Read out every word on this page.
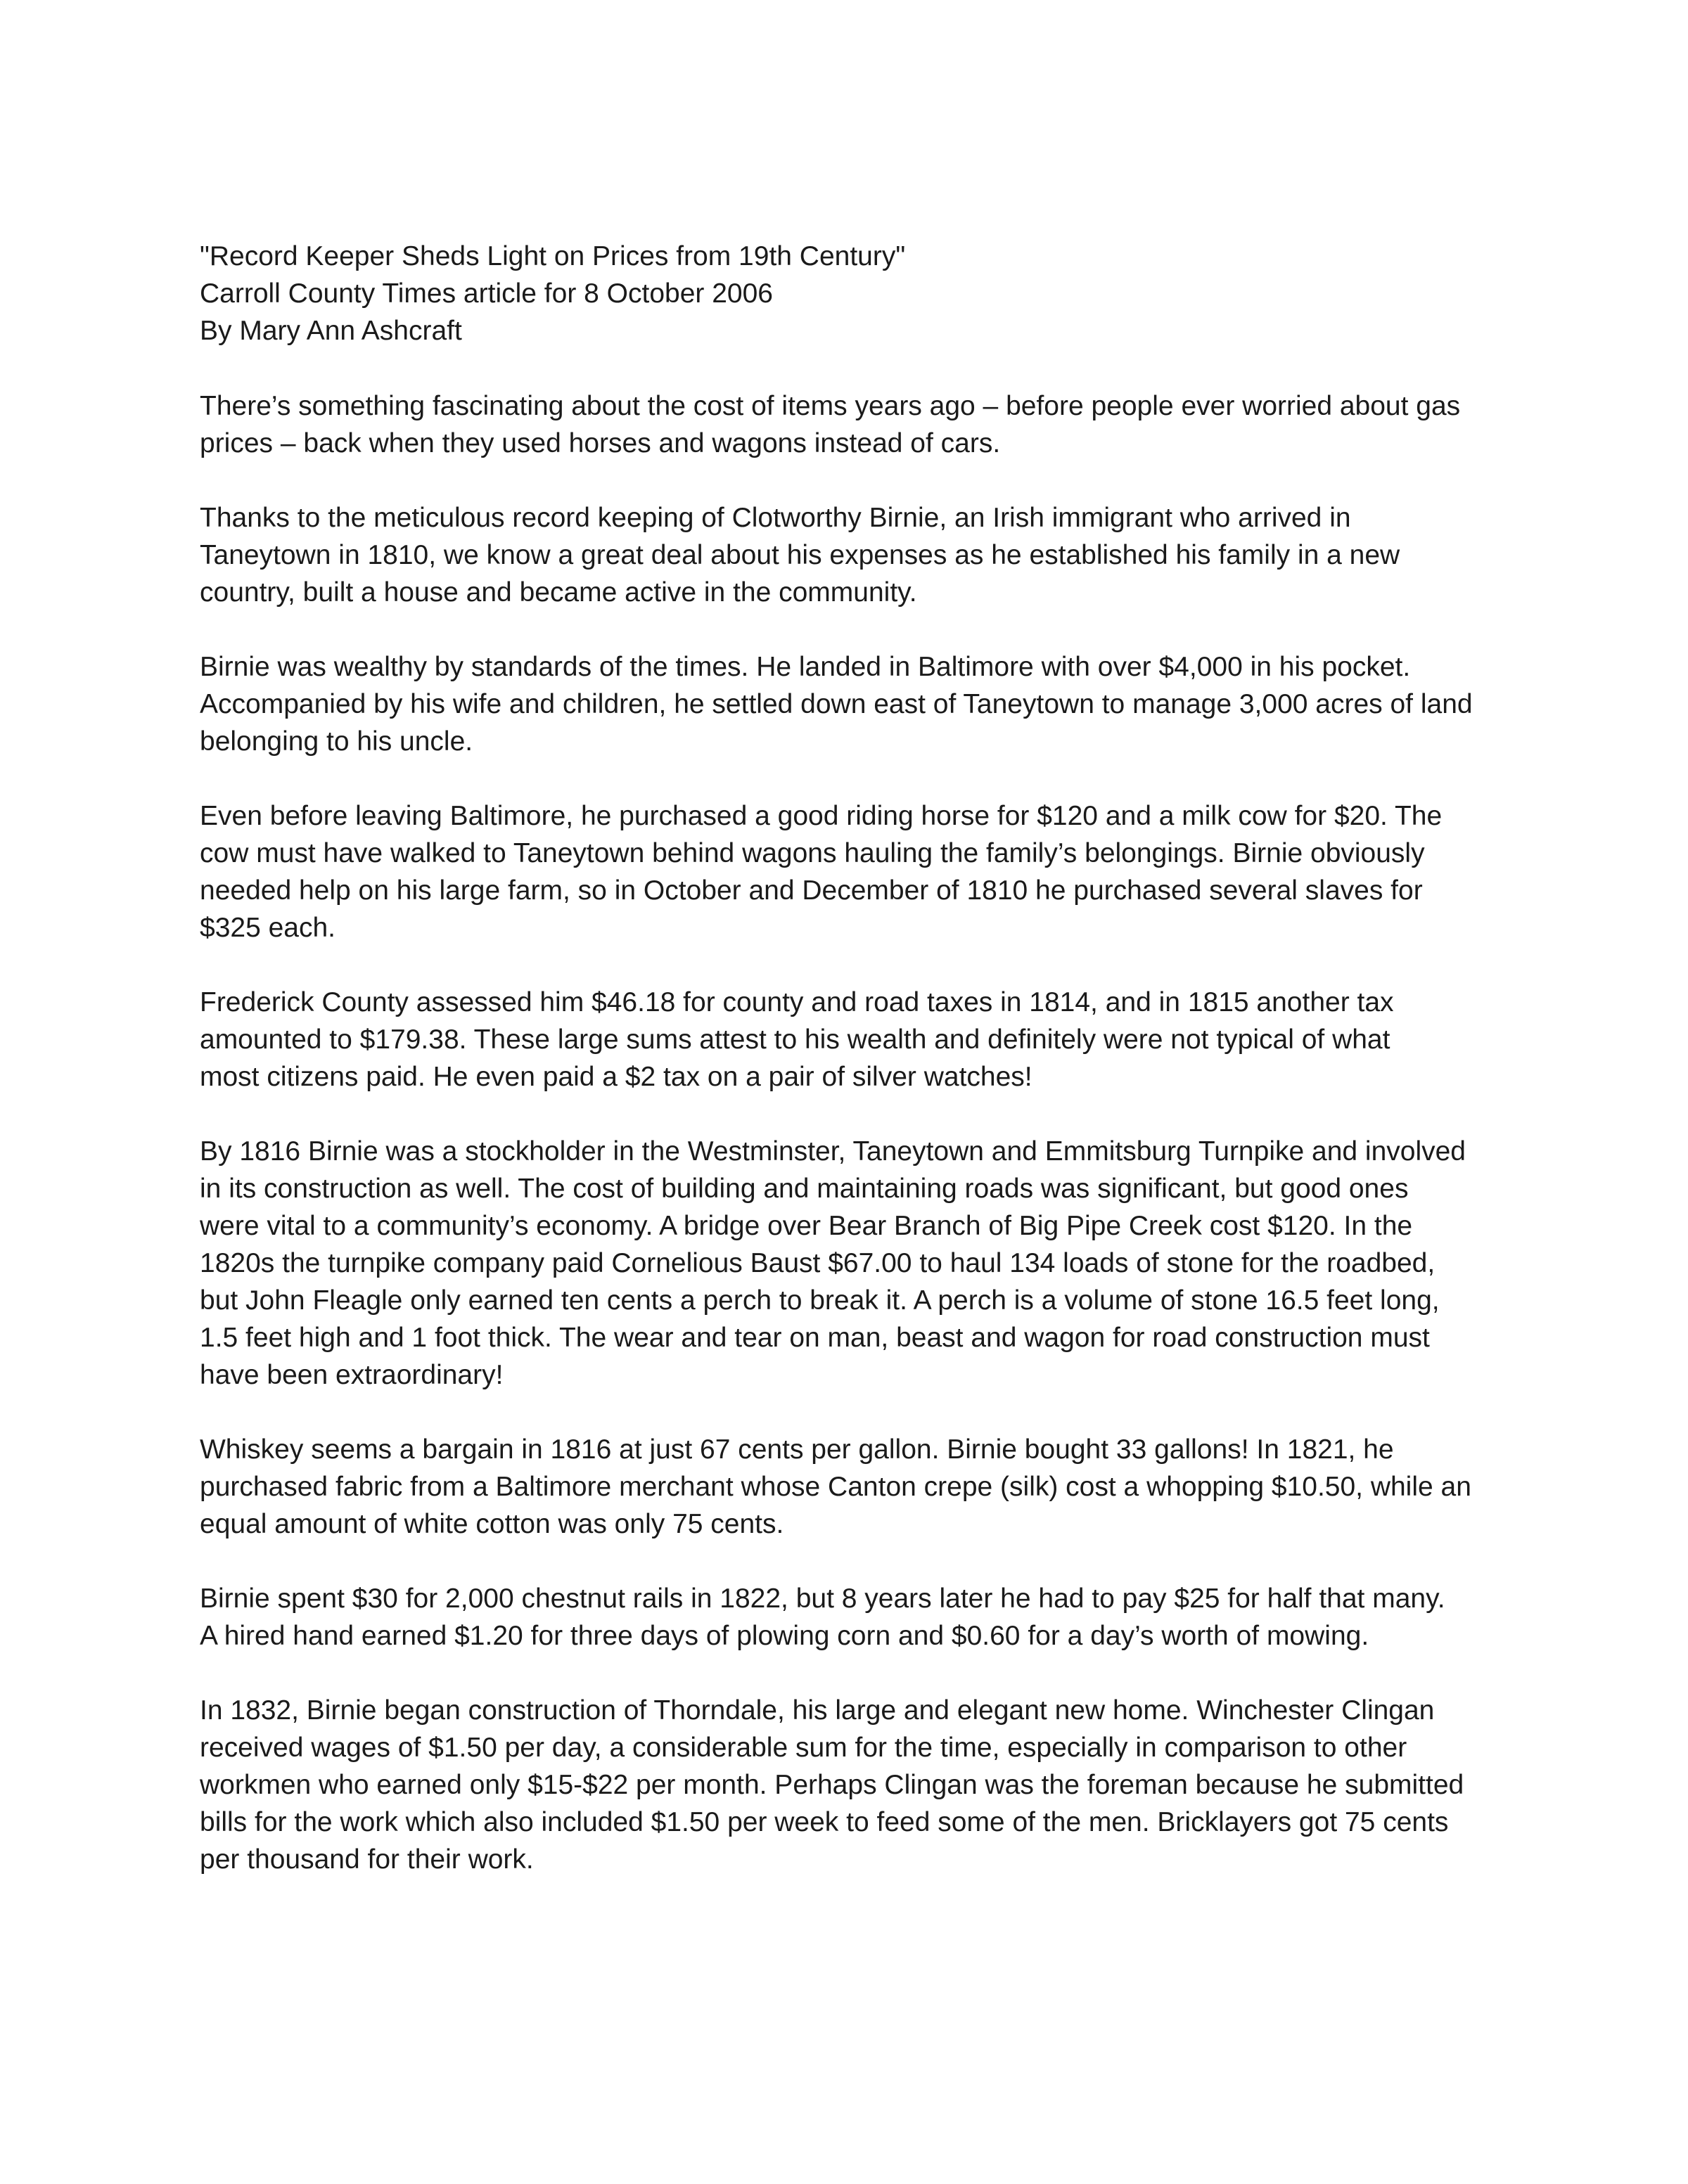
"Record Keeper Sheds Light on Prices from 19th Century"
Carroll County Times article for 8 October 2006
By Mary Ann Ashcraft
There’s something fascinating about the cost of items years ago – before people ever worried about gas
prices – back when they used horses and wagons instead of cars.
Thanks to the meticulous record keeping of Clotworthy Birnie, an Irish immigrant who arrived in
Taneytown in 1810, we know a great deal about his expenses as he established his family in a new
country, built a house and became active in the community.
Birnie was wealthy by standards of the times. He landed in Baltimore with over $4,000 in his pocket.
Accompanied by his wife and children, he settled down east of Taneytown to manage 3,000 acres of land
belonging to his uncle.
Even before leaving Baltimore, he purchased a good riding horse for $120 and a milk cow for $20. The
cow must have walked to Taneytown behind wagons hauling the family’s belongings. Birnie obviously
needed help on his large farm, so in October and December of 1810 he purchased several slaves for
$325 each.
Frederick County assessed him $46.18 for county and road taxes in 1814, and in 1815 another tax
amounted to $179.38. These large sums attest to his wealth and definitely were not typical of what
most citizens paid. He even paid a $2 tax on a pair of silver watches!
By 1816 Birnie was a stockholder in the Westminster, Taneytown and Emmitsburg Turnpike and involved
in its construction as well. The cost of building and maintaining roads was significant, but good ones
were vital to a community’s economy. A bridge over Bear Branch of Big Pipe Creek cost $120. In the
1820s the turnpike company paid Cornelious Baust $67.00 to haul 134 loads of stone for the roadbed,
but John Fleagle only earned ten cents a perch to break it. A perch is a volume of stone 16.5 feet long,
1.5 feet high and 1 foot thick. The wear and tear on man, beast and wagon for road construction must
have been extraordinary!
Whiskey seems a bargain in 1816 at just 67 cents per gallon. Birnie bought 33 gallons! In 1821, he
purchased fabric from a Baltimore merchant whose Canton crepe (silk) cost a whopping $10.50, while an
equal amount of white cotton was only 75 cents.
Birnie spent $30 for 2,000 chestnut rails in 1822, but 8 years later he had to pay $25 for half that many.
A hired hand earned $1.20 for three days of plowing corn and $0.60 for a day’s worth of mowing.
In 1832, Birnie began construction of Thorndale, his large and elegant new home. Winchester Clingan
received wages of $1.50 per day, a considerable sum for the time, especially in comparison to other
workmen who earned only $15-$22 per month. Perhaps Clingan was the foreman because he submitted
bills for the work which also included $1.50 per week to feed some of the men. Bricklayers got 75 cents
per thousand for their work.
